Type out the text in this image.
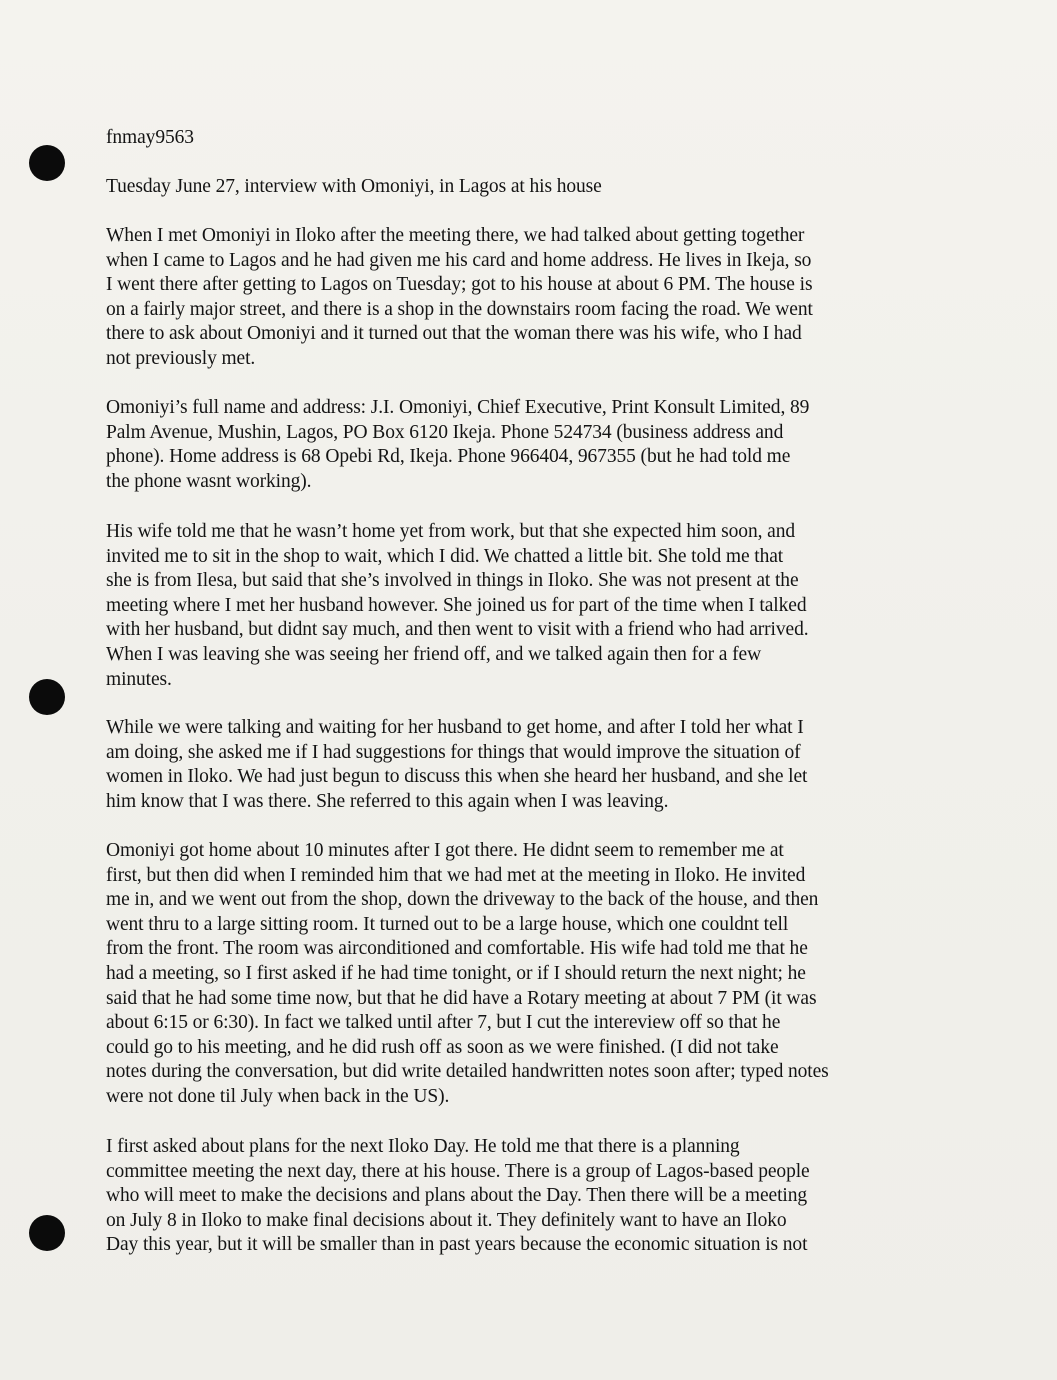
fnmay9563

Tuesday June 27, interview with Omoniyi, in Lagos at his house

When I met Omoniyi in Iloko after the meeting there, we had talked about getting together
when I came to Lagos and he had given me his card and home address. He lives in Ikeja, so
I went there after getting to Lagos on Tuesday; got to his house at about 6 PM. The house is
on a fairly major street, and there is a shop in the downstairs room facing the road. We went
there to ask about Omoniyi and it turned out that the woman there was his wife, who I had
not previously met.

Omoniyi’s full name and address: J.I. Omoniyi, Chief Executive, Print Konsult Limited, 89
Palm Avenue, Mushin, Lagos, PO Box 6120 Ikeja. Phone 524734 (business address and
phone). Home address is 68 Opebi Rd, Ikeja. Phone 966404, 967355 (but he had told me
the phone wasnt working).

His wife told me that he wasn’t home yet from work, but that she expected him soon, and
invited me to sit in the shop to wait, which I did. We chatted a little bit. She told me that
she is from Ilesa, but said that she’s involved in things in Iloko. She was not present at the
meeting where I met her husband however. She joined us for part of the time when I talked
with her husband, but didnt say much, and then went to visit with a friend who had arrived.
When I was leaving she was seeing her friend off, and we talked again then for a few
minutes.

While we were talking and waiting for her husband to get home, and after I told her what I
am doing, she asked me if I had suggestions for things that would improve the situation of
women in Iloko. We had just begun to discuss this when she heard her husband, and she let
him know that I was there. She referred to this again when I was leaving.

Omoniyi got home about 10 minutes after I got there. He didnt seem to remember me at
first, but then did when I reminded him that we had met at the meeting in Iloko. He invited
me in, and we went out from the shop, down the driveway to the back of the house, and then
went thru to a large sitting room. It turned out to be a large house, which one couldnt tell
from the front. The room was airconditioned and comfortable. His wife had told me that he
had a meeting, so I first asked if he had time tonight, or if I should return the next night; he
said that he had some time now, but that he did have a Rotary meeting at about 7 PM (it was
about 6:15 or 6:30). In fact we talked until after 7, but I cut the intereview off so that he
could go to his meeting, and he did rush off as soon as we were finished. (I did not take
notes during the conversation, but did write detailed handwritten notes soon after; typed notes
were not done til July when back in the US).

I first asked about plans for the next Iloko Day. He told me that there is a planning
committee meeting the next day, there at his house. There is a group of Lagos-based people
who will meet to make the decisions and plans about the Day. Then there will be a meeting
on July 8 in Iloko to make final decisions about it. They definitely want to have an Iloko
Day this year, but it will be smaller than in past years because the economic situation is not
